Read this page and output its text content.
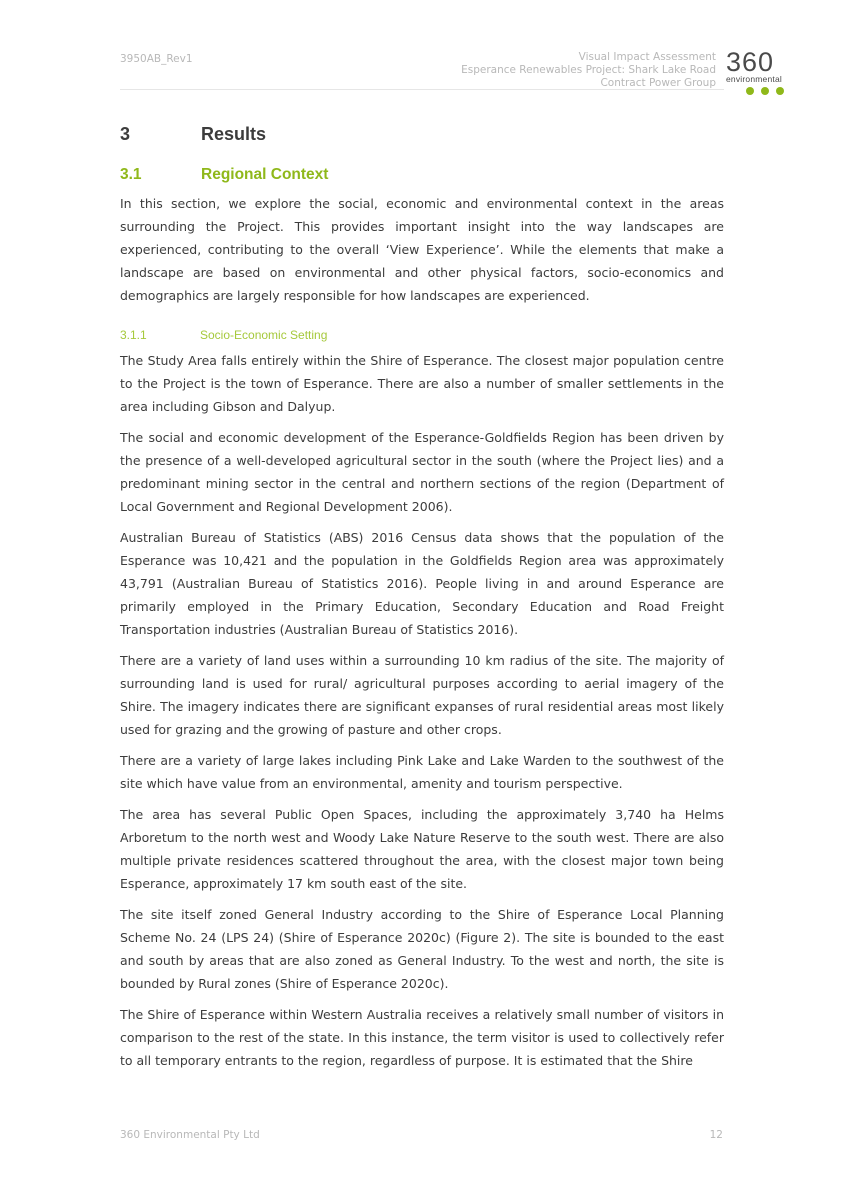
3950AB_Rev1	Visual Impact Assessment
Esperance Renewables Project: Shark Lake Road
Contract Power Group
360
environmental
3	Results
3.1	Regional Context

In this section, we explore the social, economic and environmental context in the areas surrounding the Project. This provides important insight into the way landscapes are experienced, contributing to the overall ‘View Experience’. While the elements that make a landscape are based on environmental and other physical factors, socio-economics and demographics are largely responsible for how landscapes are experienced.

3.1.1	Socio-Economic Setting

The Study Area falls entirely within the Shire of Esperance. The closest major population centre to the Project is the town of Esperance. There are also a number of smaller settlements in the area including Gibson and Dalyup.

The social and economic development of the Esperance-Goldfields Region has been driven by the presence of a well-developed agricultural sector in the south (where the Project lies) and a predominant mining sector in the central and northern sections of the region (Department of Local Government and Regional Development 2006).

Australian Bureau of Statistics (ABS) 2016 Census data shows that the population of the Esperance was 10,421 and the population in the Goldfields Region area was approximately 43,791 (Australian Bureau of Statistics 2016). People living in and around Esperance are primarily employed in the Primary Education, Secondary Education and Road Freight Transportation industries (Australian Bureau of Statistics 2016).

There are a variety of land uses within a surrounding 10 km radius of the site. The majority of surrounding land is used for rural/ agricultural purposes according to aerial imagery of the Shire. The imagery indicates there are significant expanses of rural residential areas most likely used for grazing and the growing of pasture and other crops.

There are a variety of large lakes including Pink Lake and Lake Warden to the southwest of the site which have value from an environmental, amenity and tourism perspective.

The area has several Public Open Spaces, including the approximately 3,740 ha Helms Arboretum to the north west and Woody Lake Nature Reserve to the south west. There are also multiple private residences scattered throughout the area, with the closest major town being Esperance, approximately 17 km south east of the site.

The site itself zoned General Industry according to the Shire of Esperance Local Planning Scheme No. 24 (LPS 24) (Shire of Esperance 2020c) (Figure 2). The site is bounded to the east and south by areas that are also zoned as General Industry. To the west and north, the site is bounded by Rural zones (Shire of Esperance 2020c).

The Shire of Esperance within Western Australia receives a relatively small number of visitors in comparison to the rest of the state. In this instance, the term visitor is used to collectively refer to all temporary entrants to the region, regardless of purpose. It is estimated that the Shire

360 Environmental Pty Ltd	12
